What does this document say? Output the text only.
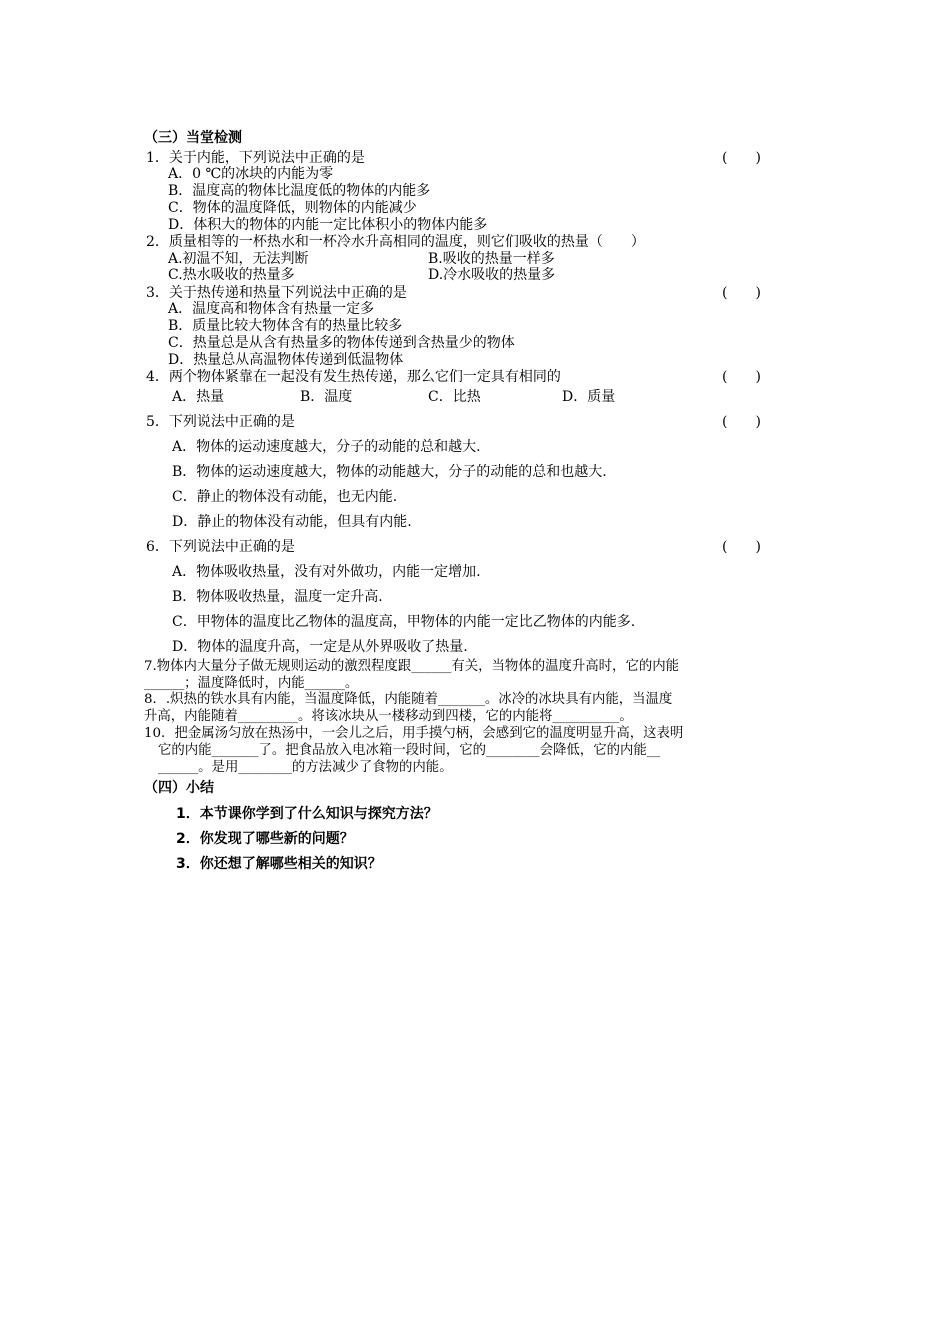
（三）当堂检测
1．关于内能，下列说法中正确的是	(　　)
A．0 ℃的冰块的内能为零
B．温度高的物体比温度低的物体的内能多
C．物体的温度降低，则物体的内能减少
D．体积大的物体的内能一定比体积小的物体内能多
2．质量相等的一杯热水和一杯冷水升高相同的温度，则它们吸收的热量（　　）
A.初温不知，无法判断	B.吸收的热量一样多
C.热水吸收的热量多	D.冷水吸收的热量多
3．关于热传递和热量下列说法中正确的是	(　　)
A．温度高和物体含有热量一定多
B．质量比较大物体含有的热量比较多
C．热量总是从含有热量多的物体传递到含热量少的物体
D．热量总从高温物体传递到低温物体
4．两个物体紧靠在一起没有发生热传递，那么它们一定具有相同的	(　　)
A．热量	B．温度	C．比热	D．质量
5．下列说法中正确的是	(　　)
A．物体的运动速度越大，分子的动能的总和越大.
B．物体的运动速度越大，物体的动能越大，分子的动能的总和也越大.
C．静止的物体没有动能，也无内能.
D．静止的物体没有动能，但具有内能.
6．下列说法中正确的是	(　　)
A．物体吸收热量，没有对外做功，内能一定增加.
B．物体吸收热量，温度一定升高.
C．甲物体的温度比乙物体的温度高，甲物体的内能一定比乙物体的内能多.
D．物体的温度升高，一定是从外界吸收了热量.
7.物体内大量分子做无规则运动的激烈程度跟______有关，当物体的温度升高时，它的内能
______；温度降低时，内能______。
8．.炽热的铁水具有内能，当温度降低，内能随着_______。冰冷的冰块具有内能，当温度
升高，内能随着_________。将该冰块从一楼移动到四楼，它的内能将__________。
10．把金属汤匀放在热汤中，一会儿之后，用手摸勺柄，会感到它的温度明显升高，这表明
它的内能_______了。把食品放入电冰箱一段时间，它的________会降低，它的内能__
______。是用________的方法减少了食物的内能。
（四）小结
1．本节课你学到了什么知识与探究方法？
2．你发现了哪些新的问题？
3．你还想了解哪些相关的知识？
